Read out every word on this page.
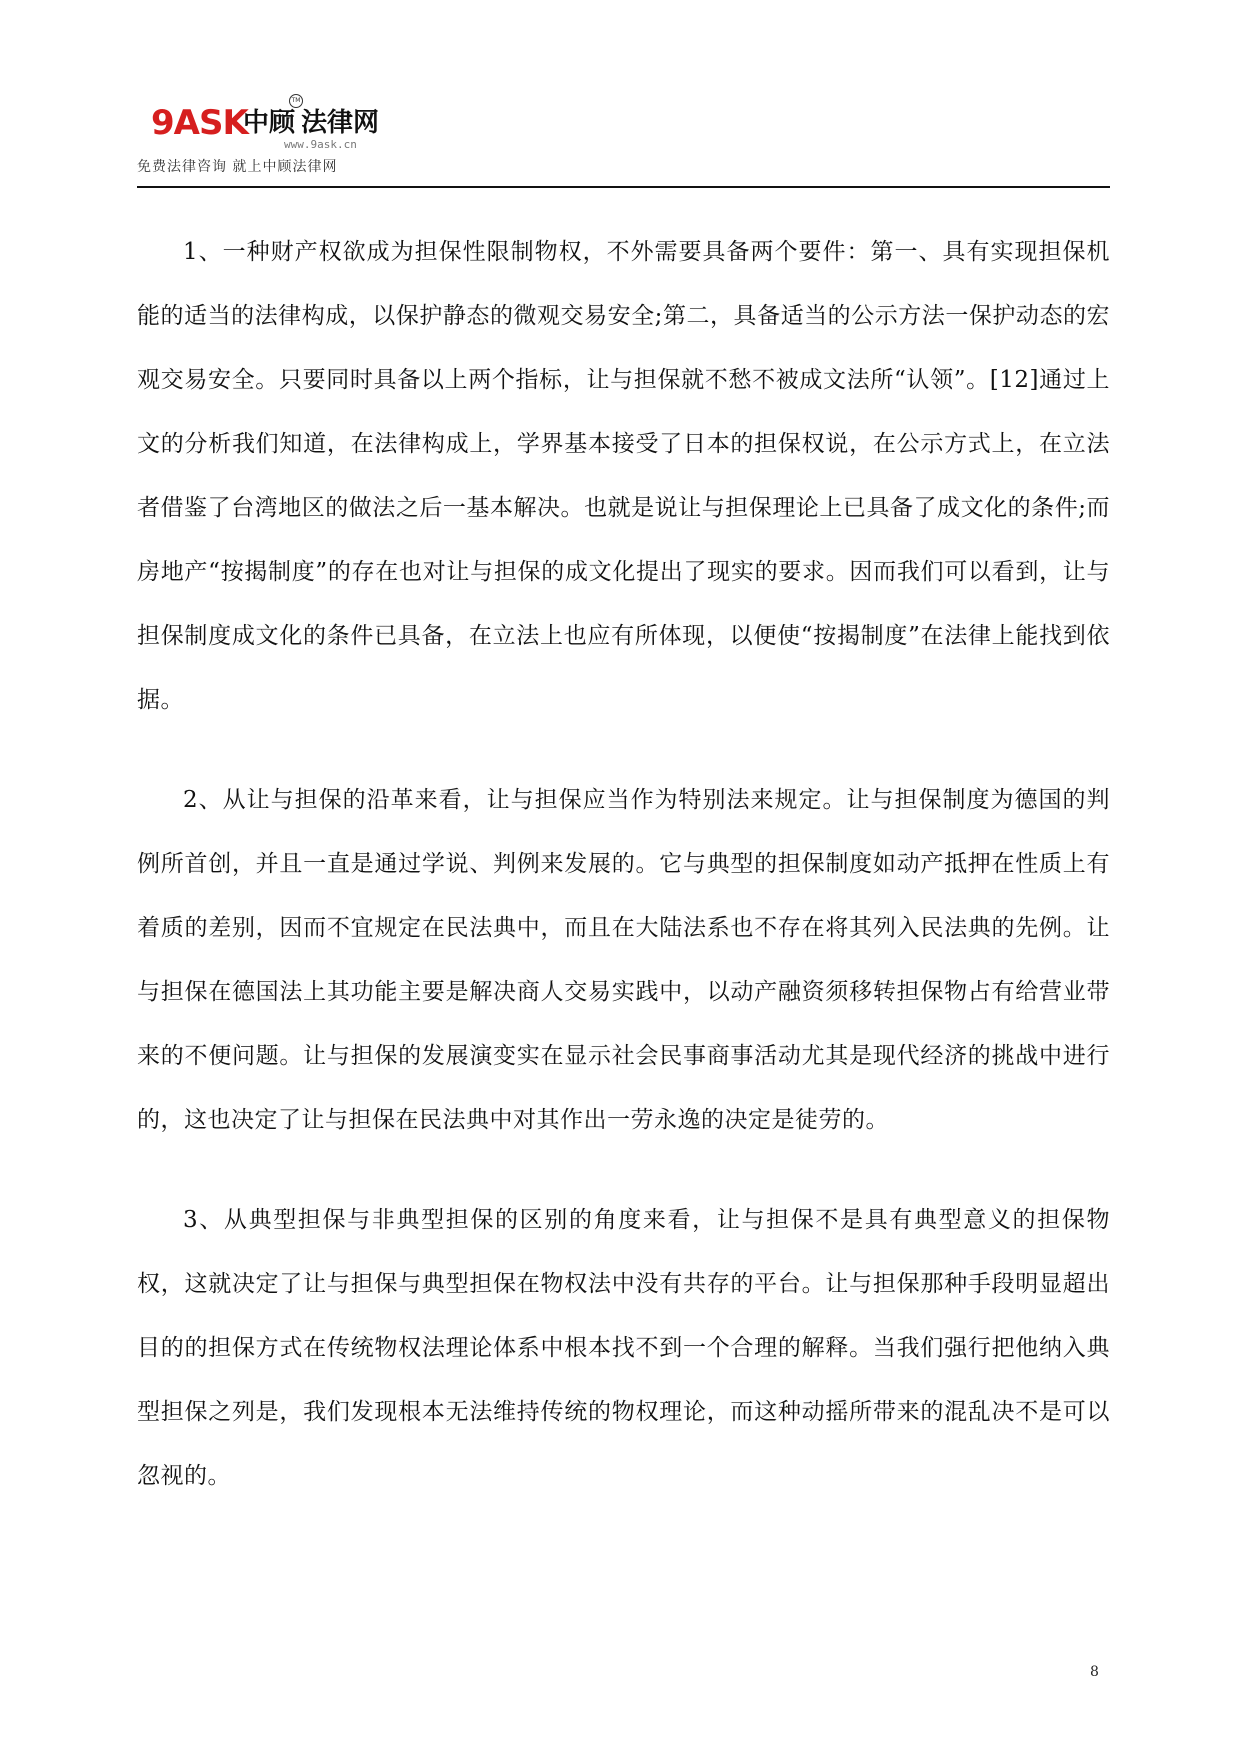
9ASK
中顾 法律网
TM
www.9ask.cn
免费法律咨询 就上中顾法律网

1、一种财产权欲成为担保性限制物权，不外需要具备两个要件：第一、具有实现担保机能的适当的法律构成，以保护静态的微观交易安全;第二，具备适当的公示方法一保护动态的宏观交易安全。只要同时具备以上两个指标，让与担保就不愁不被成文法所“认领”。[12]通过上文的分析我们知道，在法律构成上，学界基本接受了日本的担保权说，在公示方式上，在立法者借鉴了台湾地区的做法之后一基本解决。也就是说让与担保理论上已具备了成文化的条件;而房地产“按揭制度”的存在也对让与担保的成文化提出了现实的要求。因而我们可以看到，让与担保制度成文化的条件已具备，在立法上也应有所体现，以便使“按揭制度”在法律上能找到依据。

2、从让与担保的沿革来看，让与担保应当作为特别法来规定。让与担保制度为德国的判例所首创，并且一直是通过学说、判例来发展的。它与典型的担保制度如动产抵押在性质上有着质的差别，因而不宜规定在民法典中，而且在大陆法系也不存在将其列入民法典的先例。让与担保在德国法上其功能主要是解决商人交易实践中，以动产融资须移转担保物占有给营业带来的不便问题。让与担保的发展演变实在显示社会民事商事活动尤其是现代经济的挑战中进行的，这也决定了让与担保在民法典中对其作出一劳永逸的决定是徒劳的。

3、从典型担保与非典型担保的区别的角度来看，让与担保不是具有典型意义的担保物权，这就决定了让与担保与典型担保在物权法中没有共存的平台。让与担保那种手段明显超出目的的担保方式在传统物权法理论体系中根本找不到一个合理的解释。当我们强行把他纳入典型担保之列是，我们发现根本无法维持传统的物权理论，而这种动摇所带来的混乱决不是可以忽视的。

8
